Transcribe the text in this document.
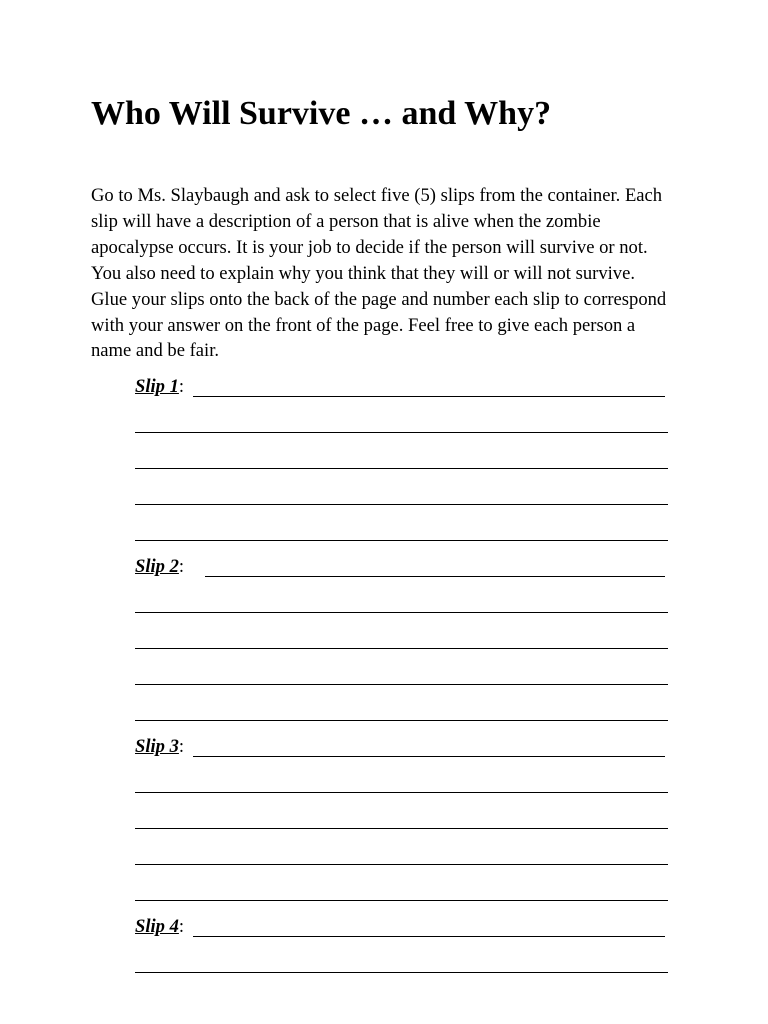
Who Will Survive … and Why?

Go to Ms. Slaybaugh and ask to select five (5) slips from the container. Each
slip will have a description of a person that is alive when the zombie
apocalypse occurs. It is your job to decide if the person will survive or not.
You also need to explain why you think that they will or will not survive.
Glue your slips onto the back of the page and number each slip to correspond
with your answer on the front of the page. Feel free to give each person a
name and be fair.

Slip 1:
Slip 2:
Slip 3:
Slip 4:
